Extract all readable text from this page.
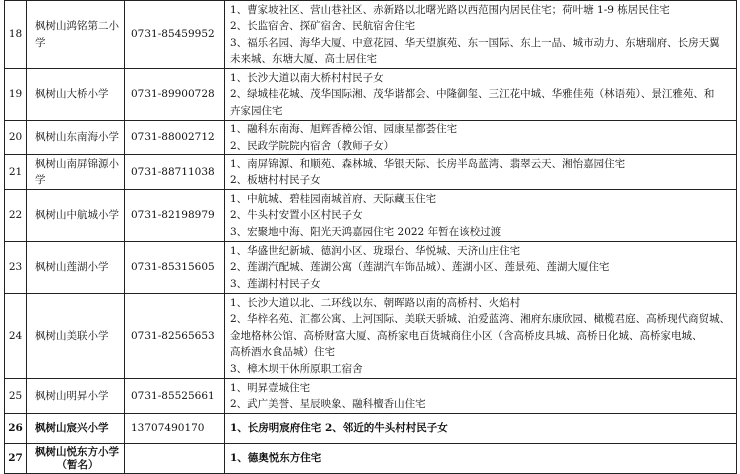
18	枫树山鸿铭第二小学	0731-85459952	1、曹家坡社区、营山巷社区、赤新路以北曙光路以西范围内居民住宅；荷叶塘 1-9 栋居民住宅
2、长监宿舍、探矿宿舍、民航宿舍住宅
3、福乐名园、海华大厦、中意花园、华天望旗苑、东一国际、东上一品、城市动力、东塘瑞府、长房天翼
未来城、东塘大厦、高士居住宅

19	枫树山大桥小学	0731-89900728	1、长沙大道以南大桥村村民子女
2、绿城桂花城、茂华国际湘、茂华谐都会、中隆御玺、三江花中城、华雅佳苑（林语苑）、景江雅苑、和
卉家园住宅

20	枫树山东南海小学	0731-88002712	1、融科东南海、旭辉香樟公馆、园康星都荟住宅
2、民政学院院内宿舍（教师子女）

21	枫树山南屏锦源小学	0731-88711038	1、南屏锦源、和顺苑、森林城、华银天际、长房半岛蓝湾、翡翠云天、湘怡嘉园住宅
2、板塘村村民子女

22	枫树山中航城小学	0731-82198979	1、中航城、碧桂园南城首府、天际藏玉住宅
2、牛头村安置小区村民子女
3、宏聚地中海、阳光天鸿嘉园住宅 2022 年暂在该校过渡

23	枫树山莲湖小学	0731-85315605	1、华盛世纪新城、德润小区、珑璟台、华悦城、天济山庄住宅
2、莲湖汽配城、莲湖公寓（莲湖汽车饰品城）、莲湖小区、莲景苑、莲湖大厦住宅
3、莲湖村村民子女

24	枫树山美联小学	0731-82565653	1、长沙大道以北、二环线以东、朝晖路以南的高桥村、火焰村
2、华梓名苑、汇都公寓、上河国际、美联天骄城、泊爱蓝湾、湘府东康欣园、橄榄君庭、高桥现代商贸城、
金地格林公馆、高桥财富大厦、高桥家电百货城商住小区（含高桥皮具城、高桥日化城、高桥家电城、
高桥酒水食品城）住宅
3、樟木坝干休所原职工宿舍

25	枫树山明昇小学	0731-85525661	1、明昇壹城住宅
2、武广美誉、星辰映象、融科檀香山住宅

26	枫树山宸兴小学	13707490170	1、长房明宸府住宅 2、邻近的牛头村村民子女

27	枫树山悦东方小学
（暂名）		1、德奥悦东方住宅
